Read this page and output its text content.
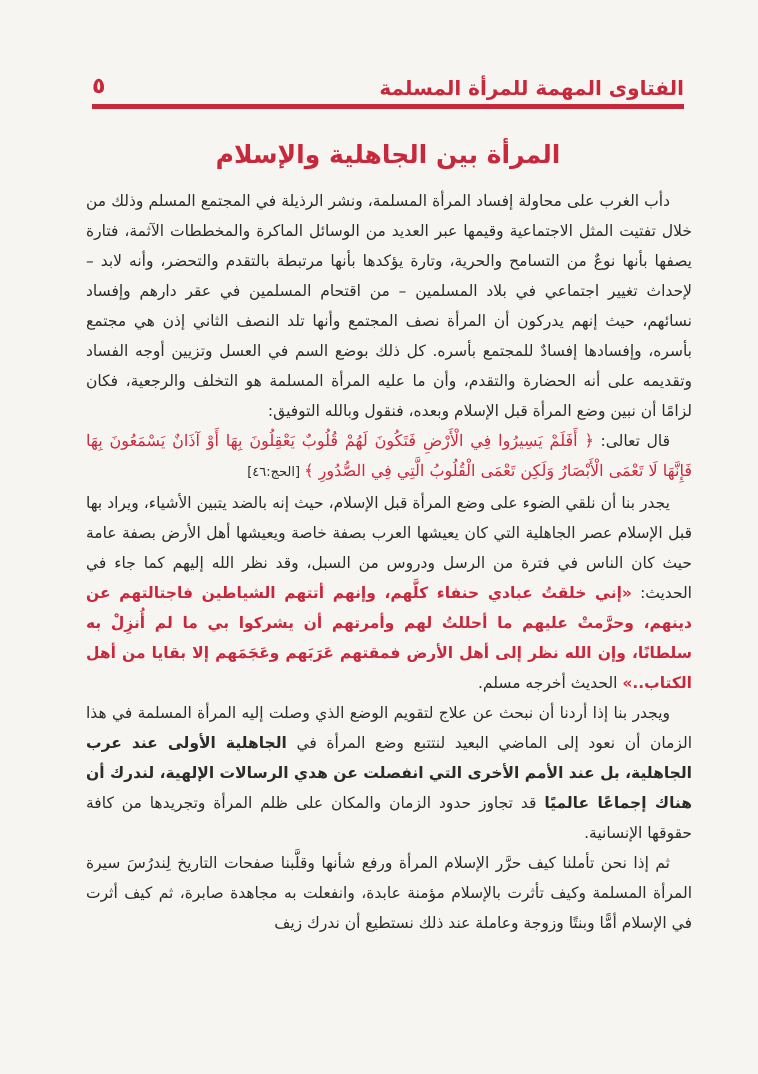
الفتاوى المهمة للمرأة المسلمة
٥
المرأة بين الجاهلية والإسلام

دأب الغرب على محاولة إفساد المرأة المسلمة، ونشر الرذيلة في المجتمع المسلم وذلك من خلال تفتيت المثل الاجتماعية وقيمها عبر العديد من الوسائل الماكرة والمخططات الآثمة، فتارة يصفها بأنها نوعٌ من التسامح والحرية، وتارة يؤكدها بأنها مرتبطة بالتقدم والتحضر، وأنه لابد – لإحداث تغيير اجتماعي في بلاد المسلمين – من اقتحام المسلمين في عقر دارهم وإفساد نسائهم، حيث إنهم يدركون أن المرأة نصف المجتمع وأنها تلد النصف الثاني إذن هي مجتمع بأسره، وإفسادها إفسادٌ للمجتمع بأسره. كل ذلك بوضع السم في العسل وتزيين أوجه الفساد وتقديمه على أنه الحضارة والتقدم، وأن ما عليه المرأة المسلمة هو التخلف والرجعية، فكان لزامًا أن نبين وضع المرأة قبل الإسلام وبعده، فنقول وبالله التوفيق:

قال تعالى: ﴿ أَفَلَمْ يَسِيرُوا فِي الْأَرْضِ فَتَكُونَ لَهُمْ قُلُوبٌ يَعْقِلُونَ بِهَا أَوْ آذَانٌ يَسْمَعُونَ بِهَا فَإِنَّهَا لَا تَعْمَى الْأَبْصَارُ وَلَكِن تَعْمَى الْقُلُوبُ الَّتِي فِي الصُّدُورِ ﴾ [الحج:٤٦]

يجدر بنا أن نلقي الضوء على وضع المرأة قبل الإسلام، حيث إنه بالضد يتبين الأشياء، ويراد بها قبل الإسلام عصر الجاهلية التي كان يعيشها العرب بصفة خاصة ويعيشها أهل الأرض بصفة عامة حيث كان الناس في فترة من الرسل ودروس من السبل، وقد نظر الله إليهم كما جاء في الحديث: «إني خلقتُ عبادي حنفاء كلَّهم، وإنهم أتتهم الشياطين فاجتالتهم عن دينهم، وحرَّمتْ عليهم ما أحللتُ لهم وأمرتهم أن يشركوا بي ما لم أُنزِلْ به سلطانًا، وإن الله نظر إلى أهل الأرض فمقتهم عَرَبَهم وعَجَمَهم إلا بقايا من أهل الكتاب..» الحديث أخرجه مسلم.

ويجدر بنا إذا أردنا أن نبحث عن علاج لتقويم الوضع الذي وصلت إليه المرأة المسلمة في هذا الزمان أن نعود إلى الماضي البعيد لنتتبع وضع المرأة في الجاهلية الأولى عند عرب الجاهلية، بل عند الأمم الأخرى التي انفصلت عن هدي الرسالات الإلهية، لندرك أن هناك إجماعًا عالميًا قد تجاوز حدود الزمان والمكان على ظلم المرأة وتجريدها من كافة حقوقها الإنسانية.

ثم إذا نحن تأملنا كيف حرَّر الإسلام المرأة ورفع شأنها وقلَّبنا صفحات التاريخ لِندرُسَ سيرة المرأة المسلمة وكيف تأثرت بالإسلام مؤمنة عابدة، وانفعلت به مجاهدة صابرة، ثم كيف أثرت في الإسلام أمًّا وبنتًا وزوجة وعاملة عند ذلك نستطيع أن ندرك زيف
